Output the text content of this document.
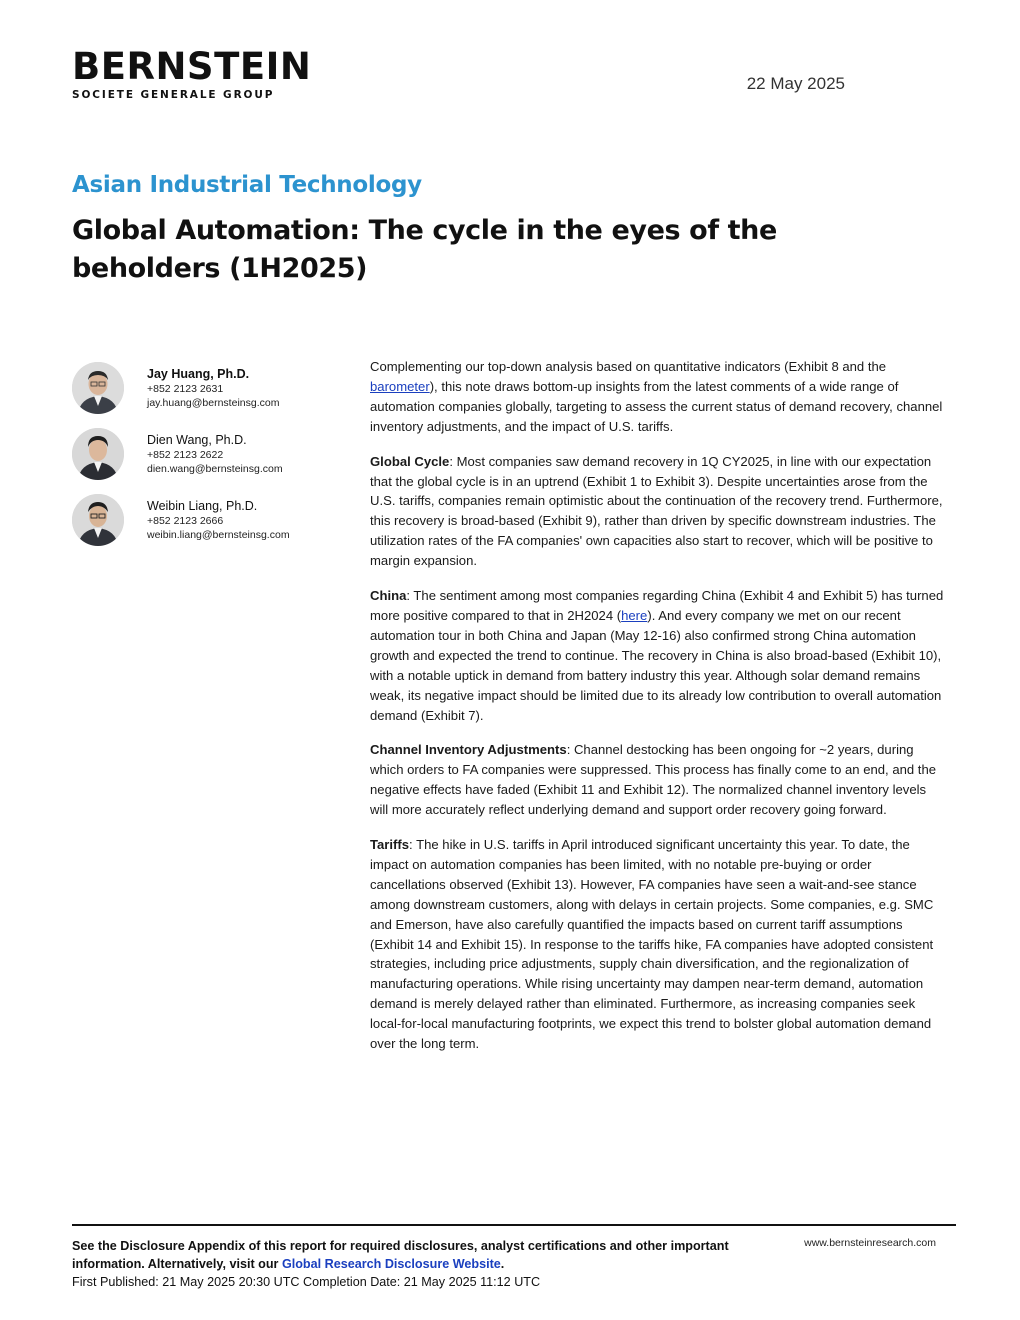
BERNSTEIN
SOCIETE GENERALE GROUP
22 May 2025
Asian Industrial Technology
Global Automation: The cycle in the eyes of the beholders (1H2025)
Jay Huang, Ph.D.
+852 2123 2631
jay.huang@bernsteinsg.com
Dien Wang, Ph.D.
+852 2123 2622
dien.wang@bernsteinsg.com
Weibin Liang, Ph.D.
+852 2123 2666
weibin.liang@bernsteinsg.com

Complementing our top-down analysis based on quantitative indicators (Exhibit 8 and the barometer), this note draws bottom-up insights from the latest comments of a wide range of automation companies globally, targeting to assess the current status of demand recovery, channel inventory adjustments, and the impact of U.S. tariffs.

Global Cycle: Most companies saw demand recovery in 1Q CY2025, in line with our expectation that the global cycle is in an uptrend (Exhibit 1 to Exhibit 3). Despite uncertainties arose from the U.S. tariffs, companies remain optimistic about the continuation of the recovery trend. Furthermore, this recovery is broad-based (Exhibit 9), rather than driven by specific downstream industries. The utilization rates of the FA companies' own capacities also start to recover, which will be positive to margin expansion.

China: The sentiment among most companies regarding China (Exhibit 4 and Exhibit 5) has turned more positive compared to that in 2H2024 (here). And every company we met on our recent automation tour in both China and Japan (May 12-16) also confirmed strong China automation growth and expected the trend to continue. The recovery in China is also broad-based (Exhibit 10), with a notable uptick in demand from battery industry this year. Although solar demand remains weak, its negative impact should be limited due to its already low contribution to overall automation demand (Exhibit 7).

Channel Inventory Adjustments: Channel destocking has been ongoing for ~2 years, during which orders to FA companies were suppressed. This process has finally come to an end, and the negative effects have faded (Exhibit 11 and Exhibit 12). The normalized channel inventory levels will more accurately reflect underlying demand and support order recovery going forward.

Tariffs: The hike in U.S. tariffs in April introduced significant uncertainty this year. To date, the impact on automation companies has been limited, with no notable pre-buying or order cancellations observed (Exhibit 13). However, FA companies have seen a wait-and-see stance among downstream customers, along with delays in certain projects. Some companies, e.g. SMC and Emerson, have also carefully quantified the impacts based on current tariff assumptions (Exhibit 14 and Exhibit 15). In response to the tariffs hike, FA companies have adopted consistent strategies, including price adjustments, supply chain diversification, and the regionalization of manufacturing operations. While rising uncertainty may dampen near-term demand, automation demand is merely delayed rather than eliminated. Furthermore, as increasing companies seek local-for-local manufacturing footprints, we expect this trend to bolster global automation demand over the long term.

See the Disclosure Appendix of this report for required disclosures, analyst certifications and other important information. Alternatively, visit our Global Research Disclosure Website.
First Published: 21 May 2025 20:30 UTC Completion Date: 21 May 2025 11:12 UTC
www.bernsteinresearch.com
